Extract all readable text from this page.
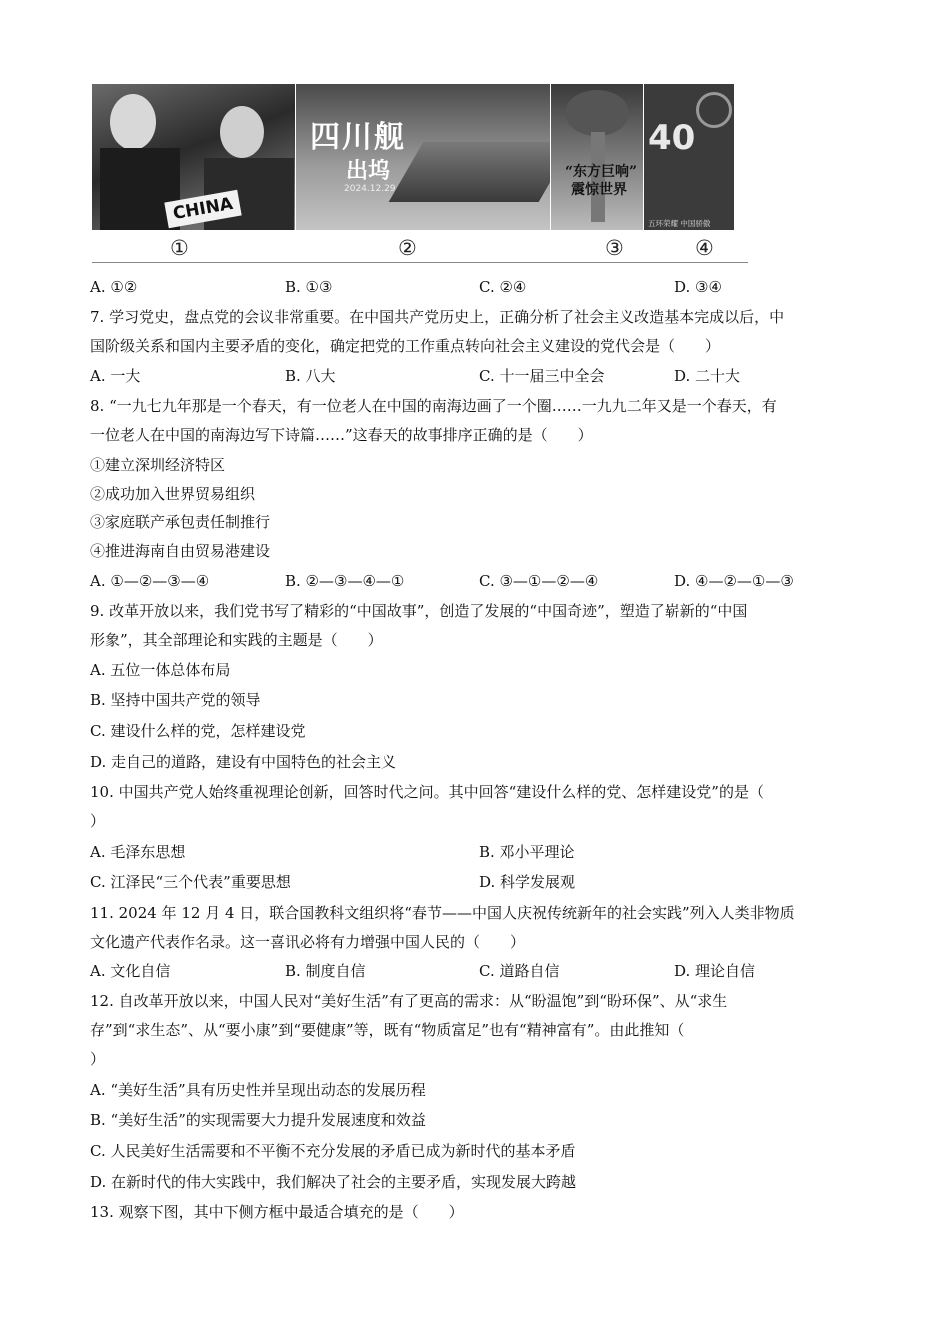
CHINA
四川舰
出坞
2024.12.29
“东方巨响”
震惊世界
40
五环荣耀 中国骄傲
①	②	③	④
A. ①②	B. ①③	C. ②④	D. ③④
7. 学习党史，盘点党的会议非常重要。在中国共产党历史上，正确分析了社会主义改造基本完成以后，中
国阶级关系和国内主要矛盾的变化，确定把党的工作重点转向社会主义建设的党代会是（　　）
A. 一大	B. 八大	C. 十一届三中全会	D. 二十大
8. “一九七九年那是一个春天，有一位老人在中国的南海边画了一个圈……一九九二年又是一个春天，有
一位老人在中国的南海边写下诗篇……”这春天的故事排序正确的是（　　）
①建立深圳经济特区
②成功加入世界贸易组织
③家庭联产承包责任制推行
④推进海南自由贸易港建设
A. ①—②—③—④	B. ②—③—④—①	C. ③—①—②—④	D. ④—②—①—③
9. 改革开放以来，我们党书写了精彩的“中国故事”，创造了发展的“中国奇迹”，塑造了崭新的“中国
形象”，其全部理论和实践的主题是（　　）
A. 五位一体总体布局
B. 坚持中国共产党的领导
C. 建设什么样的党，怎样建设党
D. 走自己的道路，建设有中国特色的社会主义
10. 中国共产党人始终重视理论创新，回答时代之问。其中回答“建设什么样的党、怎样建设党”的是（
）
A. 毛泽东思想	B. 邓小平理论
C. 江泽民“三个代表”重要思想	D. 科学发展观
11. 2024 年 12 月 4 日，联合国教科文组织将“春节——中国人庆祝传统新年的社会实践”列入人类非物质
文化遗产代表作名录。这一喜讯必将有力增强中国人民的（　　）
A. 文化自信	B. 制度自信	C. 道路自信	D. 理论自信
12. 自改革开放以来，中国人民对“美好生活”有了更高的需求：从“盼温饱”到“盼环保”、从“求生
存”到“求生态”、从“要小康”到“要健康”等，既有“物质富足”也有“精神富有”。由此推知（
）
A. “美好生活”具有历史性并呈现出动态的发展历程
B. “美好生活”的实现需要大力提升发展速度和效益
C. 人民美好生活需要和不平衡不充分发展的矛盾已成为新时代的基本矛盾
D. 在新时代的伟大实践中，我们解决了社会的主要矛盾，实现发展大跨越
13. 观察下图，其中下侧方框中最适合填充的是（　　）
